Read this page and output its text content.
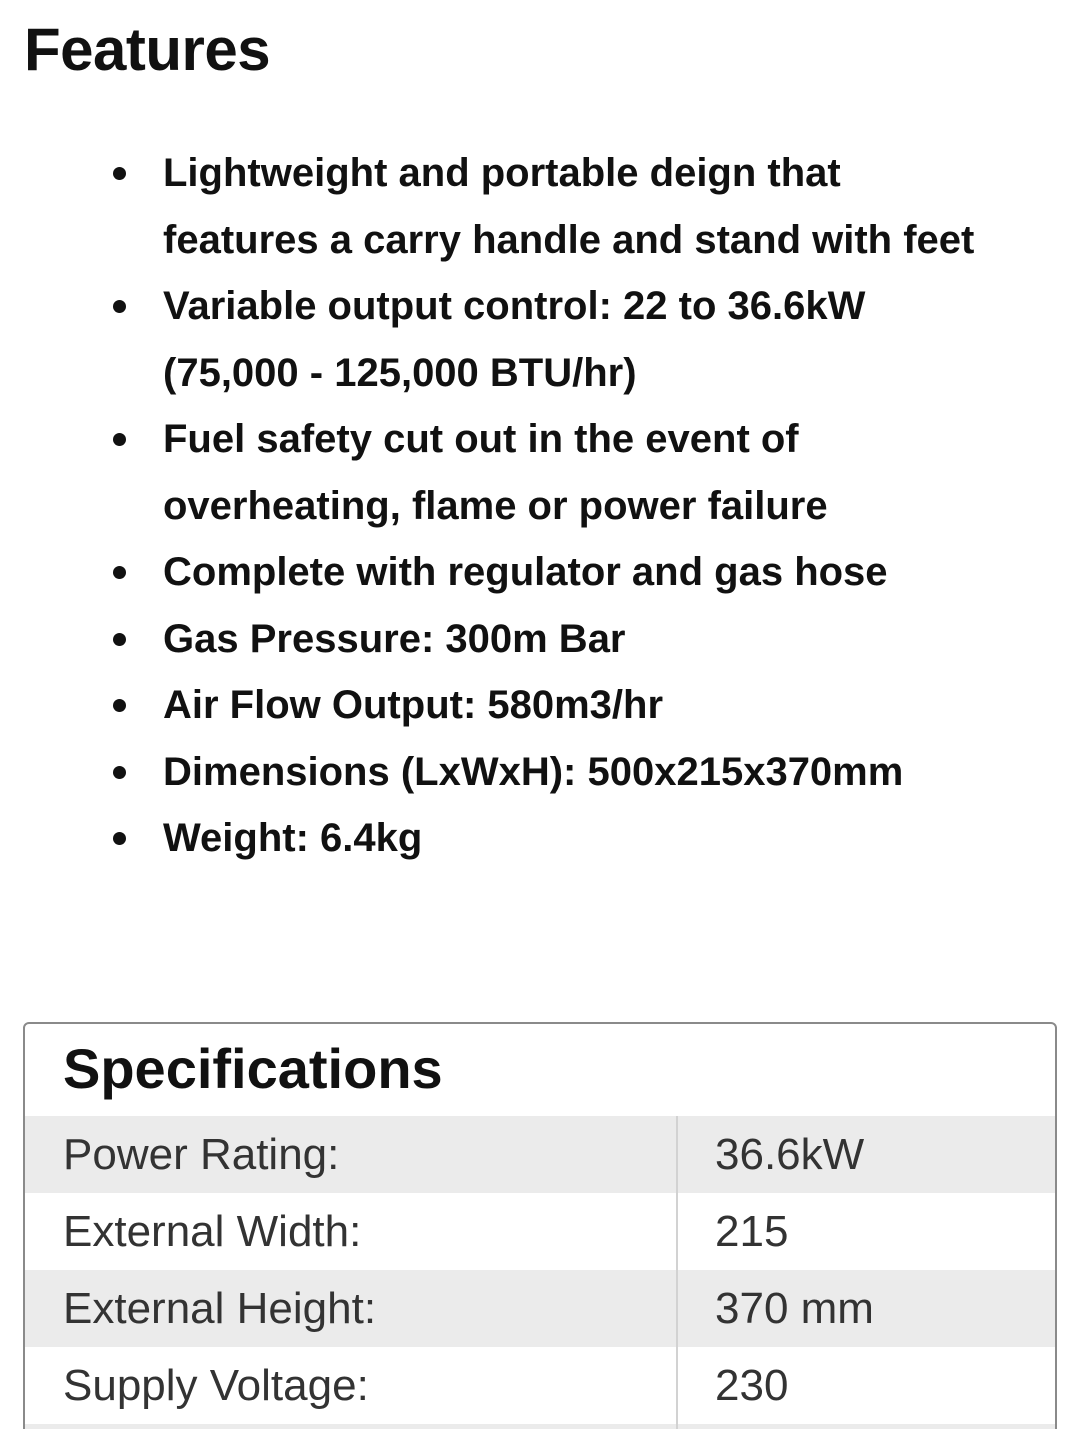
Features
Lightweight and portable deign that
features a carry handle and stand with feet
Variable output control: 22 to 36.6kW
(75,000 - 125,000 BTU/hr)
Fuel safety cut out in the event of
overheating, flame or power failure
Complete with regulator and gas hose
Gas Pressure: 300m Bar
Air Flow Output: 580m3/hr
Dimensions (LxWxH): 500x215x370mm
Weight: 6.4kg
Specifications
Power Rating:	36.6kW
External Width:	215
External Height:	370 mm
Supply Voltage:	230
